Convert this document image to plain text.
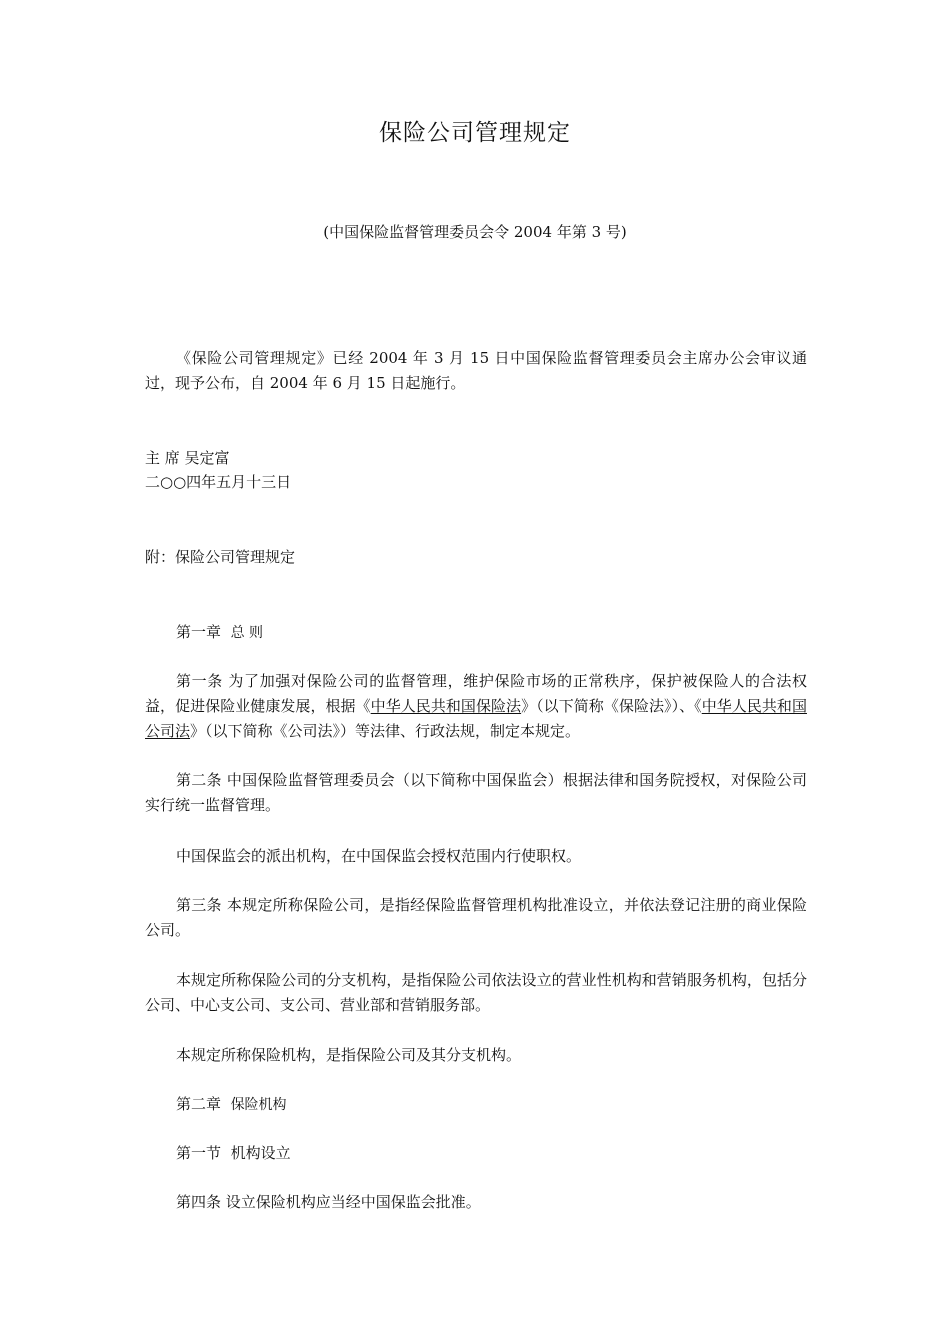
保险公司管理规定
(中国保险监督管理委员会令 2004 年第 3 号)

《保险公司管理规定》已经 2004 年 3 月 15 日中国保险监督管理委员会主席办公会审议通过，现予公布，自 2004 年 6 月 15 日起施行。

主 席 吴定富

二○○四年五月十三日

附：保险公司管理规定

第一章 总 则

第一条 为了加强对保险公司的监督管理，维护保险市场的正常秩序，保护被保险人的合法权益，促进保险业健康发展，根据《中华人民共和国保险法》（以下简称《保险法》）、《中华人民共和国公司法》（以下简称《公司法》）等法律、行政法规，制定本规定。

第二条 中国保险监督管理委员会（以下简称中国保监会）根据法律和国务院授权，对保险公司实行统一监督管理。

中国保监会的派出机构，在中国保监会授权范围内行使职权。

第三条 本规定所称保险公司，是指经保险监督管理机构批准设立，并依法登记注册的商业保险公司。

本规定所称保险公司的分支机构，是指保险公司依法设立的营业性机构和营销服务机构，包括分公司、中心支公司、支公司、营业部和营销服务部。

本规定所称保险机构，是指保险公司及其分支机构。

第二章 保险机构

第一节 机构设立

第四条 设立保险机构应当经中国保监会批准。
